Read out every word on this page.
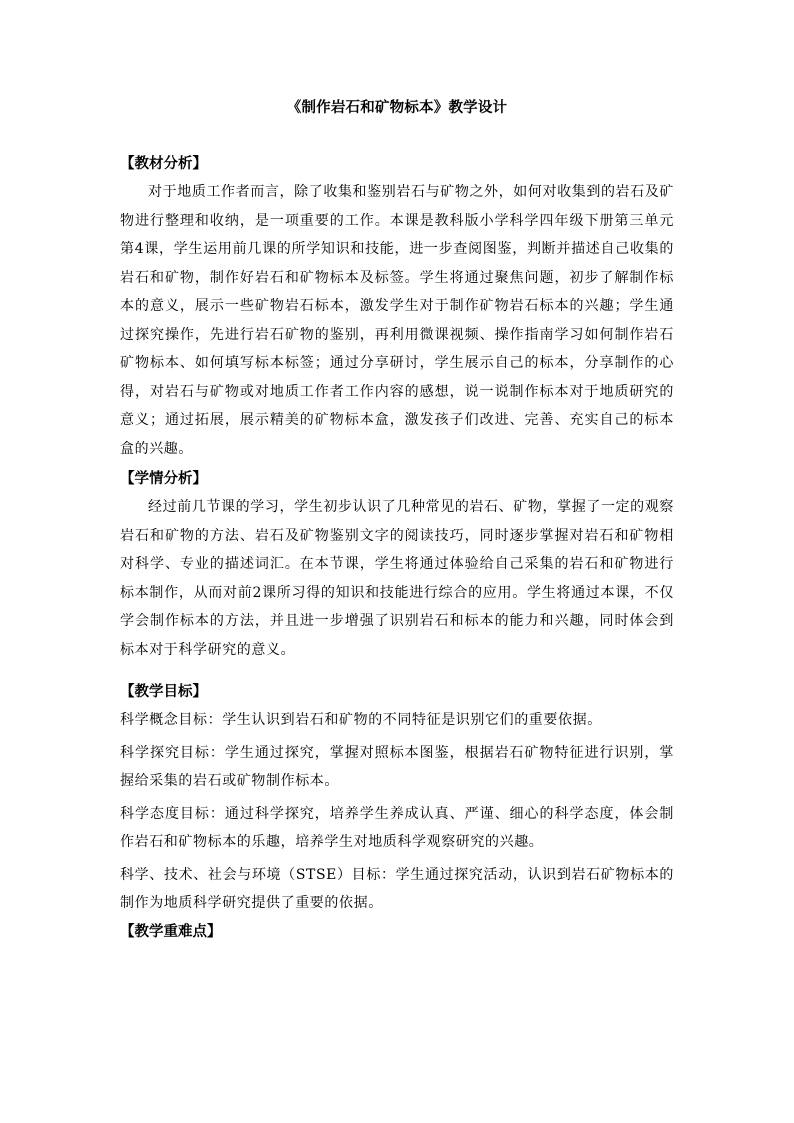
《制作岩石和矿物标本》教学设计

【教材分析】

对于地质工作者而言，除了收集和鉴别岩石与矿物之外，如何对收集到的岩石及矿物进行整理和收纳，是一项重要的工作。本课是教科版小学科学四年级下册第三单元第4课，学生运用前几课的所学知识和技能，进一步查阅图鉴，判断并描述自己收集的岩石和矿物，制作好岩石和矿物标本及标签。学生将通过聚焦问题，初步了解制作标本的意义，展示一些矿物岩石标本，激发学生对于制作矿物岩石标本的兴趣；学生通过探究操作，先进行岩石矿物的鉴别，再利用微课视频、操作指南学习如何制作岩石矿物标本、如何填写标本标签；通过分享研讨，学生展示自己的标本，分享制作的心得，对岩石与矿物或对地质工作者工作内容的感想，说一说制作标本对于地质研究的意义；通过拓展，展示精美的矿物标本盒，激发孩子们改进、完善、充实自己的标本盒的兴趣。

【学情分析】

经过前几节课的学习，学生初步认识了几种常见的岩石、矿物，掌握了一定的观察岩石和矿物的方法、岩石及矿物鉴别文字的阅读技巧，同时逐步掌握对岩石和矿物相对科学、专业的描述词汇。在本节课，学生将通过体验给自己采集的岩石和矿物进行标本制作，从而对前2课所习得的知识和技能进行综合的应用。学生将通过本课，不仅学会制作标本的方法，并且进一步增强了识别岩石和标本的能力和兴趣，同时体会到标本对于科学研究的意义。

【教学目标】

科学概念目标：学生认识到岩石和矿物的不同特征是识别它们的重要依据。

科学探究目标：学生通过探究，掌握对照标本图鉴，根据岩石矿物特征进行识别，掌握给采集的岩石或矿物制作标本。

科学态度目标：通过科学探究，培养学生养成认真、严谨、细心的科学态度，体会制作岩石和矿物标本的乐趣，培养学生对地质科学观察研究的兴趣。

科学、技术、社会与环境（STSE）目标：学生通过探究活动，认识到岩石矿物标本的制作为地质科学研究提供了重要的依据。

【教学重难点】
